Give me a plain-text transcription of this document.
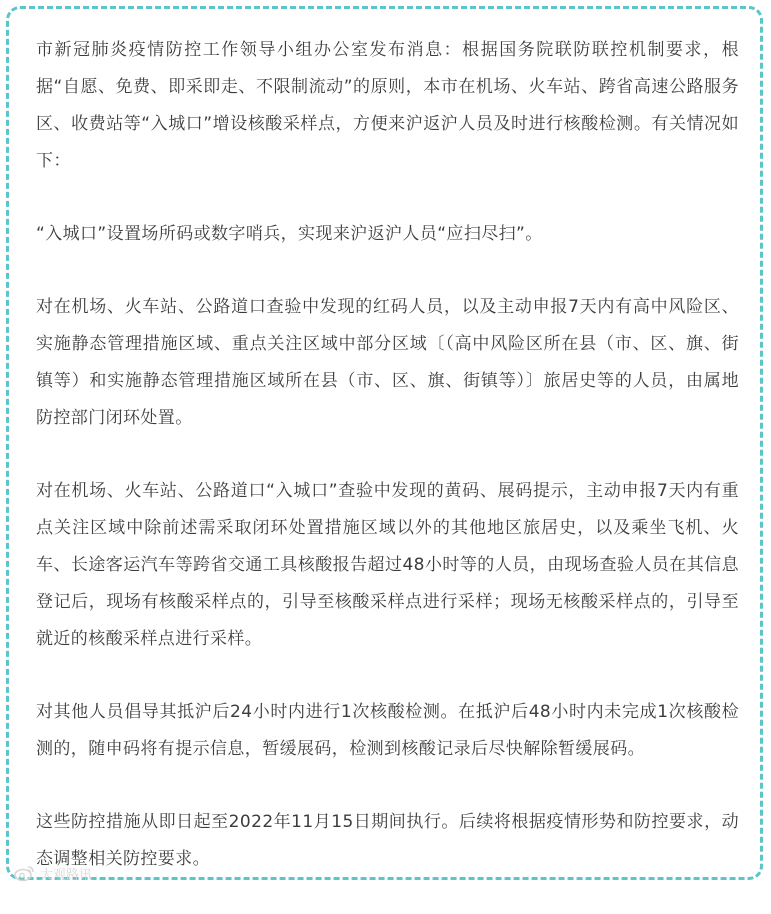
市新冠肺炎疫情防控工作领导小组办公室发布消息：根据国务院联防联控机制要求，根据“自愿、免费、即采即走、不限制流动”的原则，本市在机场、火车站、跨省高速公路服务区、收费站等“入城口”增设核酸采样点，方便来沪返沪人员及时进行核酸检测。有关情况如下：

“入城口”设置场所码或数字哨兵，实现来沪返沪人员“应扫尽扫”。

对在机场、火车站、公路道口查验中发现的红码人员，以及主动申报7天内有高中风险区、实施静态管理措施区域、重点关注区域中部分区域〔（高中风险区所在县（市、区、旗、街镇等）和实施静态管理措施区域所在县（市、区、旗、街镇等）〕旅居史等的人员，由属地防控部门闭环处置。

对在机场、火车站、公路道口“入城口”查验中发现的黄码、展码提示，主动申报7天内有重点关注区域中除前述需采取闭环处置措施区域以外的其他地区旅居史，以及乘坐飞机、火车、长途客运汽车等跨省交通工具核酸报告超过48小时等的人员，由现场查验人员在其信息登记后，现场有核酸采样点的，引导至核酸采样点进行采样；现场无核酸采样点的，引导至就近的核酸采样点进行采样。

对其他人员倡导其抵沪后24小时内进行1次核酸检测。在抵沪后48小时内未完成1次核酸检测的，随申码将有提示信息，暂缓展码，检测到核酸记录后尽快解除暂缓展码。

这些防控措施从即日起至2022年11月15日期间执行。后续将根据疫情形势和防控要求，动态调整相关防控要求。

大观路讯
